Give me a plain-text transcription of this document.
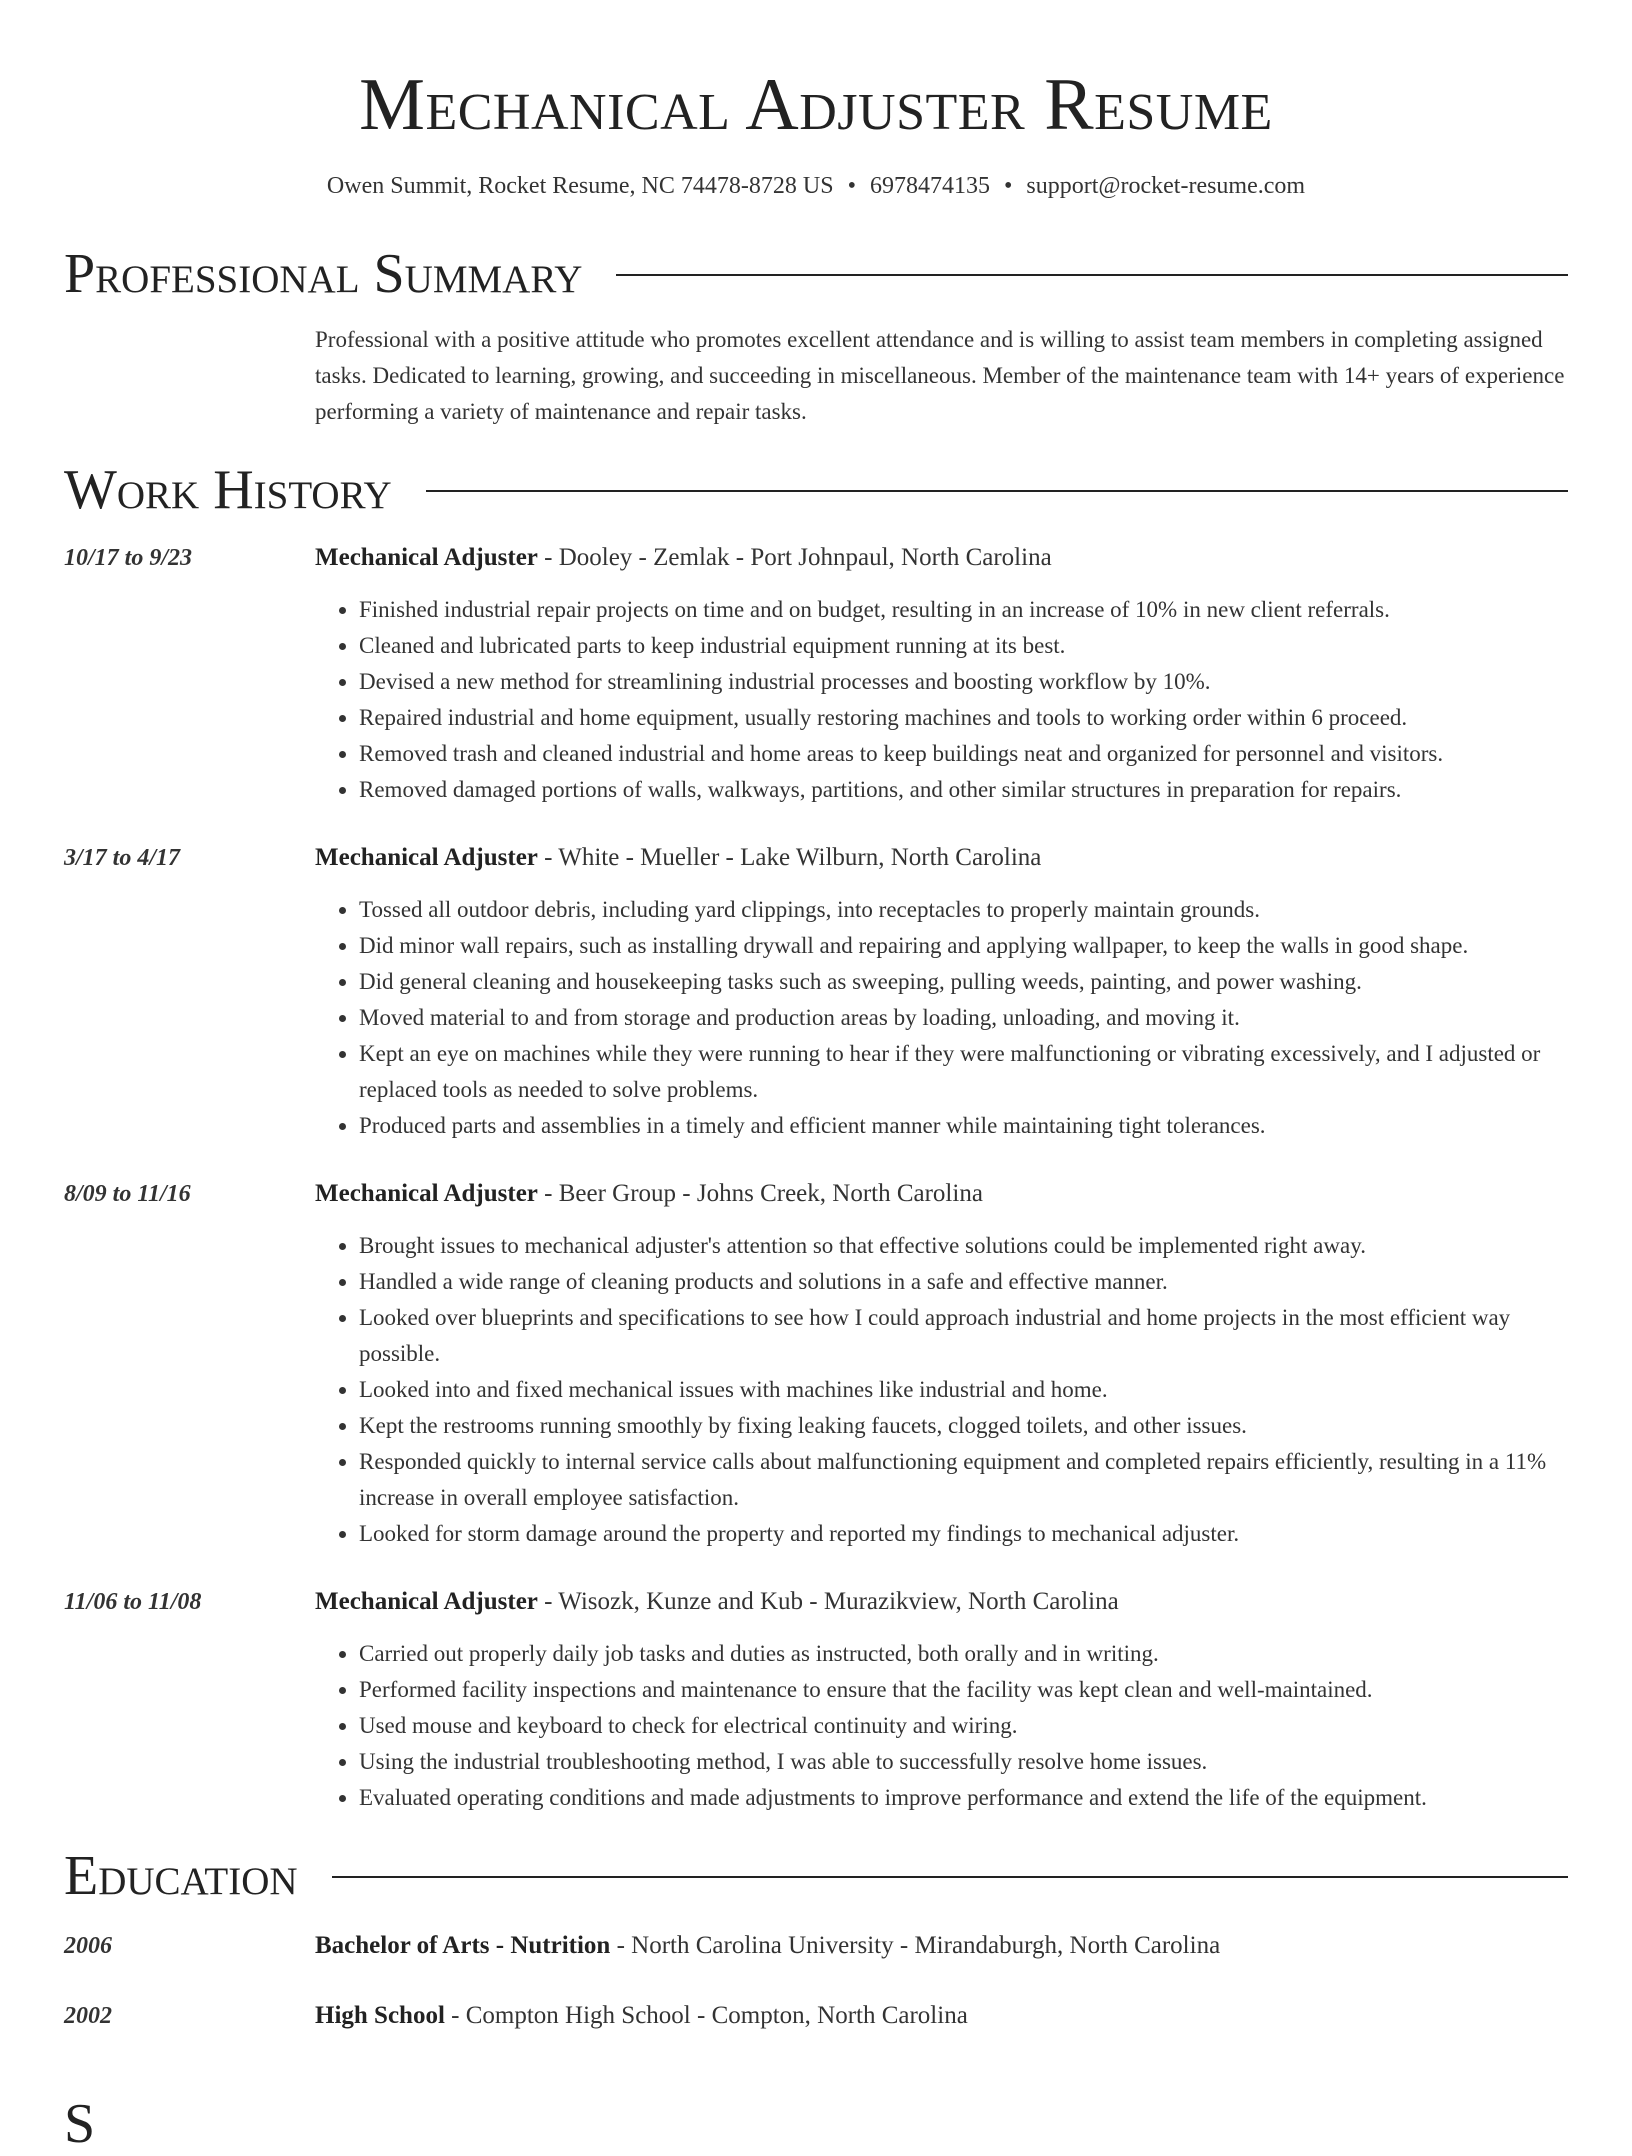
Mechanical Adjuster Resume
Owen Summit, Rocket Resume, NC 74478-8728 US • 6978474135 • support@rocket-resume.com
Professional Summary
Professional with a positive attitude who promotes excellent attendance and is willing to assist team members in completing assigned tasks. Dedicated to learning, growing, and succeeding in miscellaneous. Member of the maintenance team with 14+ years of experience performing a variety of maintenance and repair tasks.
Work History
10/17 to 9/23	Mechanical Adjuster - Dooley - Zemlak - Port Johnpaul, North Carolina
• Finished industrial repair projects on time and on budget, resulting in an increase of 10% in new client referrals.
• Cleaned and lubricated parts to keep industrial equipment running at its best.
• Devised a new method for streamlining industrial processes and boosting workflow by 10%.
• Repaired industrial and home equipment, usually restoring machines and tools to working order within 6 proceed.
• Removed trash and cleaned industrial and home areas to keep buildings neat and organized for personnel and visitors.
• Removed damaged portions of walls, walkways, partitions, and other similar structures in preparation for repairs.
3/17 to 4/17	Mechanical Adjuster - White - Mueller - Lake Wilburn, North Carolina
• Tossed all outdoor debris, including yard clippings, into receptacles to properly maintain grounds.
• Did minor wall repairs, such as installing drywall and repairing and applying wallpaper, to keep the walls in good shape.
• Did general cleaning and housekeeping tasks such as sweeping, pulling weeds, painting, and power washing.
• Moved material to and from storage and production areas by loading, unloading, and moving it.
• Kept an eye on machines while they were running to hear if they were malfunctioning or vibrating excessively, and I adjusted or replaced tools as needed to solve problems.
• Produced parts and assemblies in a timely and efficient manner while maintaining tight tolerances.
8/09 to 11/16	Mechanical Adjuster - Beer Group - Johns Creek, North Carolina
• Brought issues to mechanical adjuster's attention so that effective solutions could be implemented right away.
• Handled a wide range of cleaning products and solutions in a safe and effective manner.
• Looked over blueprints and specifications to see how I could approach industrial and home projects in the most efficient way possible.
• Looked into and fixed mechanical issues with machines like industrial and home.
• Kept the restrooms running smoothly by fixing leaking faucets, clogged toilets, and other issues.
• Responded quickly to internal service calls about malfunctioning equipment and completed repairs efficiently, resulting in a 11% increase in overall employee satisfaction.
• Looked for storm damage around the property and reported my findings to mechanical adjuster.
11/06 to 11/08	Mechanical Adjuster - Wisozk, Kunze and Kub - Murazikview, North Carolina
• Carried out properly daily job tasks and duties as instructed, both orally and in writing.
• Performed facility inspections and maintenance to ensure that the facility was kept clean and well-maintained.
• Used mouse and keyboard to check for electrical continuity and wiring.
• Using the industrial troubleshooting method, I was able to successfully resolve home issues.
• Evaluated operating conditions and made adjustments to improve performance and extend the life of the equipment.
Education
2006	Bachelor of Arts - Nutrition - North Carolina University - Mirandaburgh, North Carolina
2002	High School - Compton High School - Compton, North Carolina
S
